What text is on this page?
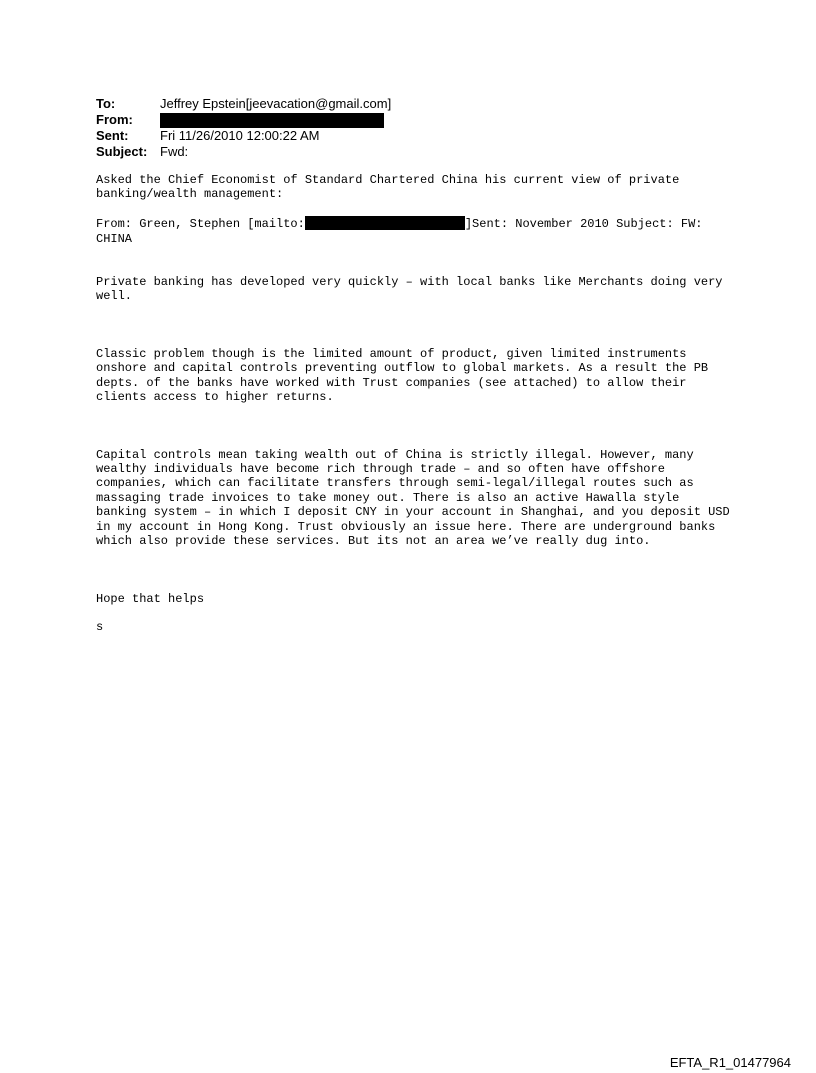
To:	Jeffrey Epstein[jeevacation@gmail.com]
From:
Sent:	Fri 11/26/2010 12:00:22 AM
Subject: Fwd:

Asked the Chief Economist of Standard Chartered China his current view of private banking/wealth management:

From: Green, Stephen [mailto:	]Sent: November 2010 Subject: FW: CHINA

Private banking has developed very quickly – with local banks like Merchants doing very well.

Classic problem though is the limited amount of product, given limited instruments onshore and capital controls preventing outflow to global markets. As a result the PB depts. of the banks have worked with Trust companies (see attached) to allow their clients access to higher returns.

Capital controls mean taking wealth out of China is strictly illegal. However, many wealthy individuals have become rich through trade – and so often have offshore companies, which can facilitate transfers through semi-legal/illegal routes such as massaging trade invoices to take money out. There is also an active Hawalla style banking system – in which I deposit CNY in your account in Shanghai, and you deposit USD in my account in Hong Kong. Trust obviously an issue here. There are underground banks which also provide these services. But its not an area we’ve really dug into.

Hope that helps

s

EFTA_R1_01477964
